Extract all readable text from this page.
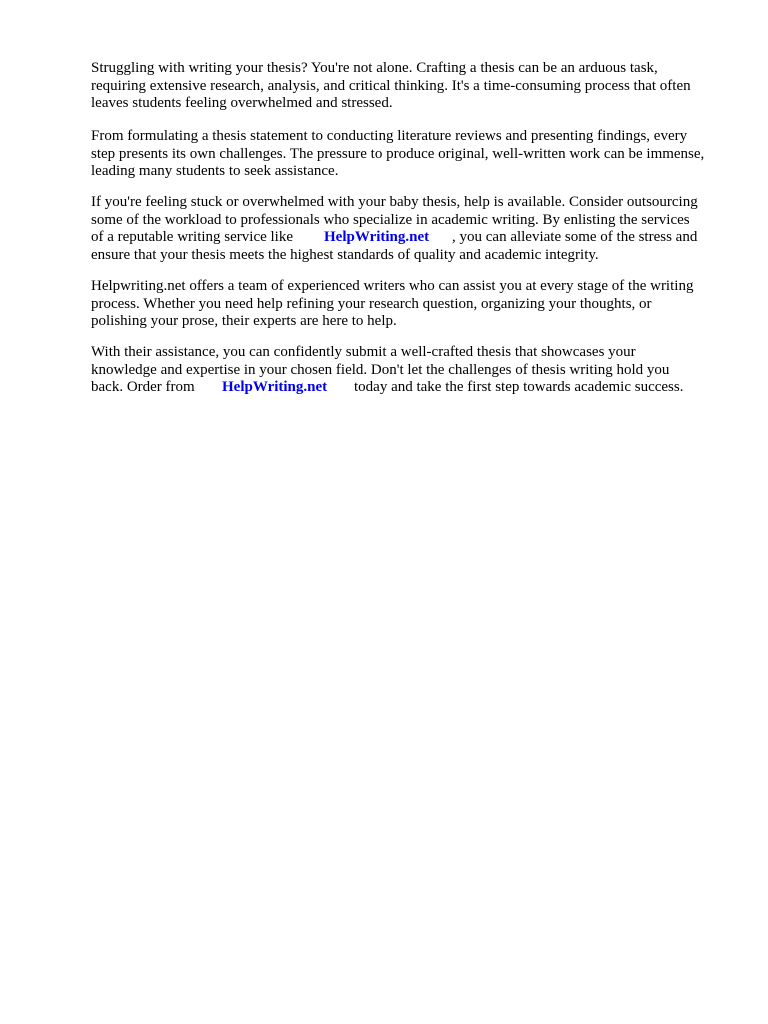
Struggling with writing your thesis? You're not alone. Crafting a thesis can be an arduous task,
requiring extensive research, analysis, and critical thinking. It's a time-consuming process that often
leaves students feeling overwhelmed and stressed.

From formulating a thesis statement to conducting literature reviews and presenting findings, every
step presents its own challenges. The pressure to produce original, well-written work can be immense,
leading many students to seek assistance.

If you're feeling stuck or overwhelmed with your baby thesis, help is available. Consider outsourcing
some of the workload to professionals who specialize in academic writing. By enlisting the services
of a reputable writing service like HelpWriting.net , you can alleviate some of the stress and
ensure that your thesis meets the highest standards of quality and academic integrity.

Helpwriting.net offers a team of experienced writers who can assist you at every stage of the writing
process. Whether you need help refining your research question, organizing your thoughts, or
polishing your prose, their experts are here to help.

With their assistance, you can confidently submit a well-crafted thesis that showcases your
knowledge and expertise in your chosen field. Don't let the challenges of thesis writing hold you
back. Order from HelpWriting.net today and take the first step towards academic success.
